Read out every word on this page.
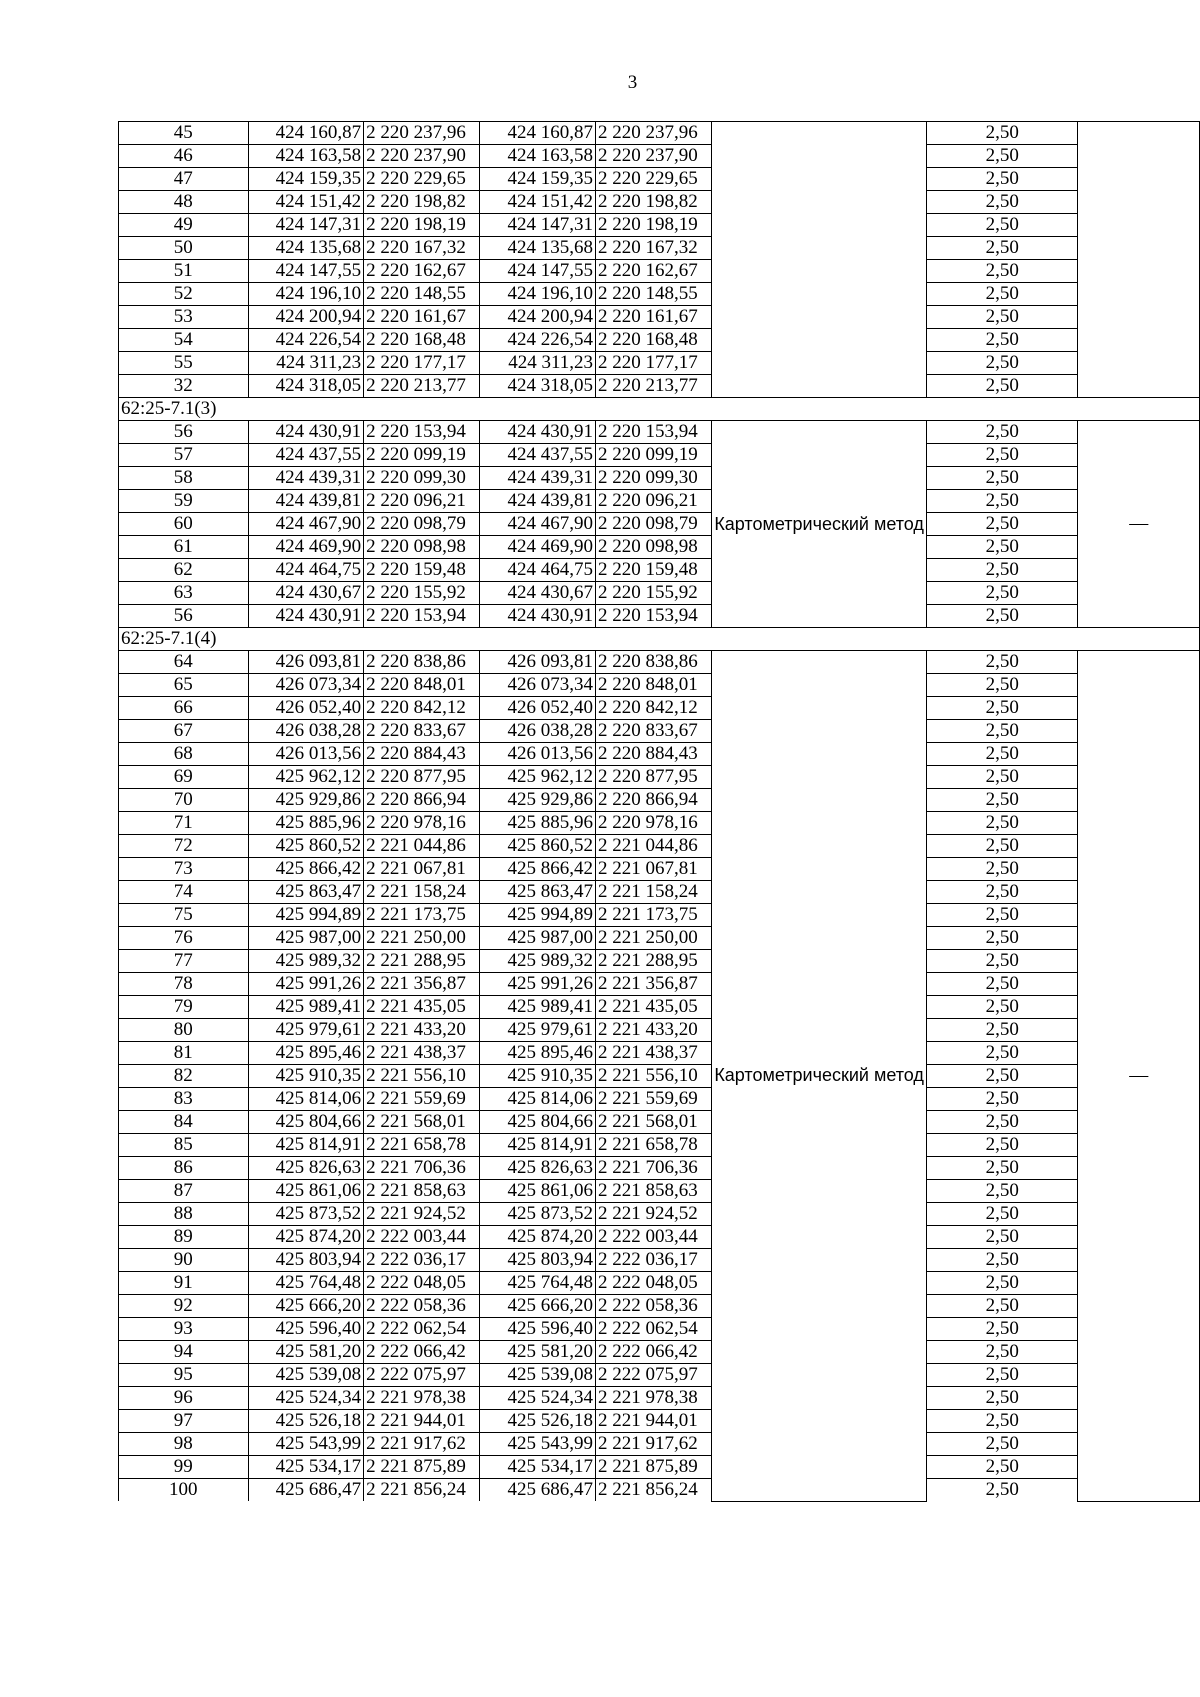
3
45	424 160,87	2 220 237,96	424 160,87	2 220 237,96		2,50	
46	424 163,58	2 220 237,90	424 163,58	2 220 237,90		2,50	
47	424 159,35	2 220 229,65	424 159,35	2 220 229,65		2,50	
48	424 151,42	2 220 198,82	424 151,42	2 220 198,82		2,50	
49	424 147,31	2 220 198,19	424 147,31	2 220 198,19		2,50	
50	424 135,68	2 220 167,32	424 135,68	2 220 167,32		2,50	
51	424 147,55	2 220 162,67	424 147,55	2 220 162,67		2,50	
52	424 196,10	2 220 148,55	424 196,10	2 220 148,55		2,50	
53	424 200,94	2 220 161,67	424 200,94	2 220 161,67		2,50	
54	424 226,54	2 220 168,48	424 226,54	2 220 168,48		2,50	
55	424 311,23	2 220 177,17	424 311,23	2 220 177,17		2,50	
32	424 318,05	2 220 213,77	424 318,05	2 220 213,77		2,50	
62:25-7.1(3)							
56	424 430,91	2 220 153,94	424 430,91	2 220 153,94	Картометрический метод	2,50	—
57	424 437,55	2 220 099,19	424 437,55	2 220 099,19		2,50	
58	424 439,31	2 220 099,30	424 439,31	2 220 099,30		2,50	
59	424 439,81	2 220 096,21	424 439,81	2 220 096,21		2,50	
60	424 467,90	2 220 098,79	424 467,90	2 220 098,79		2,50	
61	424 469,90	2 220 098,98	424 469,90	2 220 098,98		2,50	
62	424 464,75	2 220 159,48	424 464,75	2 220 159,48		2,50	
63	424 430,67	2 220 155,92	424 430,67	2 220 155,92		2,50	
56	424 430,91	2 220 153,94	424 430,91	2 220 153,94		2,50	
62:25-7.1(4)							
64	426 093,81	2 220 838,86	426 093,81	2 220 838,86	Картометрический метод	2,50	—
65	426 073,34	2 220 848,01	426 073,34	2 220 848,01		2,50	
66	426 052,40	2 220 842,12	426 052,40	2 220 842,12		2,50	
67	426 038,28	2 220 833,67	426 038,28	2 220 833,67		2,50	
68	426 013,56	2 220 884,43	426 013,56	2 220 884,43		2,50	
69	425 962,12	2 220 877,95	425 962,12	2 220 877,95		2,50	
70	425 929,86	2 220 866,94	425 929,86	2 220 866,94		2,50	
71	425 885,96	2 220 978,16	425 885,96	2 220 978,16		2,50	
72	425 860,52	2 221 044,86	425 860,52	2 221 044,86		2,50	
73	425 866,42	2 221 067,81	425 866,42	2 221 067,81		2,50	
74	425 863,47	2 221 158,24	425 863,47	2 221 158,24		2,50	
75	425 994,89	2 221 173,75	425 994,89	2 221 173,75		2,50	
76	425 987,00	2 221 250,00	425 987,00	2 221 250,00		2,50	
77	425 989,32	2 221 288,95	425 989,32	2 221 288,95		2,50	
78	425 991,26	2 221 356,87	425 991,26	2 221 356,87		2,50	
79	425 989,41	2 221 435,05	425 989,41	2 221 435,05		2,50	
80	425 979,61	2 221 433,20	425 979,61	2 221 433,20		2,50	
81	425 895,46	2 221 438,37	425 895,46	2 221 438,37		2,50	
82	425 910,35	2 221 556,10	425 910,35	2 221 556,10		2,50	
83	425 814,06	2 221 559,69	425 814,06	2 221 559,69		2,50	
84	425 804,66	2 221 568,01	425 804,66	2 221 568,01		2,50	
85	425 814,91	2 221 658,78	425 814,91	2 221 658,78		2,50	
86	425 826,63	2 221 706,36	425 826,63	2 221 706,36		2,50	
87	425 861,06	2 221 858,63	425 861,06	2 221 858,63		2,50	
88	425 873,52	2 221 924,52	425 873,52	2 221 924,52		2,50	
89	425 874,20	2 222 003,44	425 874,20	2 222 003,44		2,50	
90	425 803,94	2 222 036,17	425 803,94	2 222 036,17		2,50	
91	425 764,48	2 222 048,05	425 764,48	2 222 048,05		2,50	
92	425 666,20	2 222 058,36	425 666,20	2 222 058,36		2,50	
93	425 596,40	2 222 062,54	425 596,40	2 222 062,54		2,50	
94	425 581,20	2 222 066,42	425 581,20	2 222 066,42		2,50	
95	425 539,08	2 222 075,97	425 539,08	2 222 075,97		2,50	
96	425 524,34	2 221 978,38	425 524,34	2 221 978,38		2,50	
97	425 526,18	2 221 944,01	425 526,18	2 221 944,01		2,50	
98	425 543,99	2 221 917,62	425 543,99	2 221 917,62		2,50	
99	425 534,17	2 221 875,89	425 534,17	2 221 875,89		2,50	
100	425 686,47	2 221 856,24	425 686,47	2 221 856,24		2,50	
